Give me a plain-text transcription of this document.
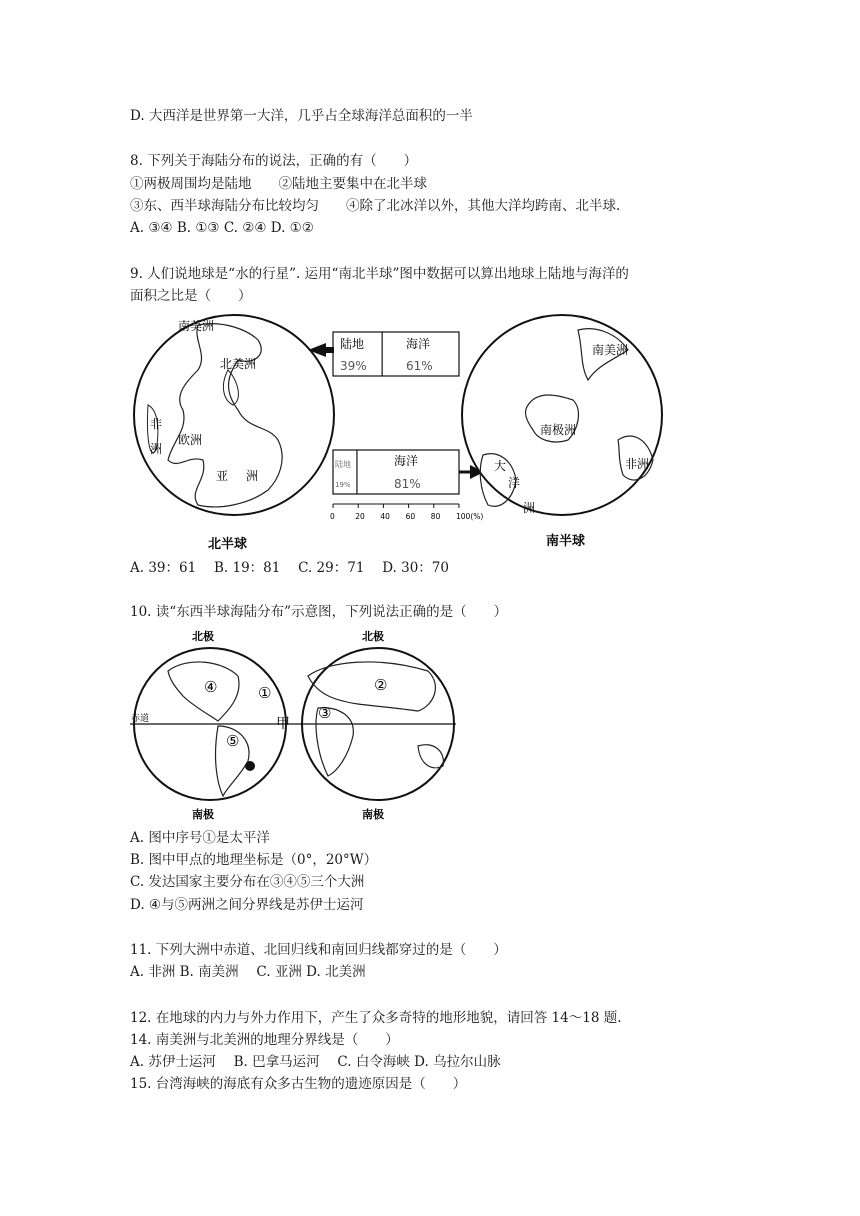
D. 大西洋是世界第一大洋，几乎占全球海洋总面积的一半
8. 下列关于海陆分布的说法，正确的有（　　）
①两极周围均是陆地　　②陆地主要集中在北半球
③东、西半球海陆分布比较均匀　　④除了北冰洋以外，其他大洋均跨南、北半球.
A. ③④ B. ①③ C. ②④ D. ①②
9. 人们说地球是“水的行星”. 运用“南北半球”图中数据可以算出地球上陆地与海洋的
面积之比是（　　）
南美洲
北美洲
非
洲
欧洲
亚 洲
北半球
陆地
39%
海洋
61%
陆地
19%
海洋
81%
0	20 40 60 80 100(%)
南美洲
南极洲
非洲
大
洋
洲
南半球
A. 39：61　 B. 19：81　 C. 29：71　 D. 30：70
10. 读“东西半球海陆分布”示意图，下列说法正确的是（　　）
北极	北极
赤道	甲
①	②
③
④
⑤
南极	南极
A. 图中序号①是太平洋
B. 图中甲点的地理坐标是（0°，20°W）
C. 发达国家主要分布在③④⑤三个大洲
D. ④与⑤两洲之间分界线是苏伊士运河
11. 下列大洲中赤道、北回归线和南回归线都穿过的是（　　）
A. 非洲 B. 南美洲　 C. 亚洲 D. 北美洲
12. 在地球的内力与外力作用下，产生了众多奇特的地形地貌，请回答 14～18 题.
14. 南美洲与北美洲的地理分界线是（　　）
A. 苏伊士运河　 B. 巴拿马运河　 C. 白令海峡 D. 乌拉尔山脉
15. 台湾海峡的海底有众多古生物的遗迹原因是（　　）
